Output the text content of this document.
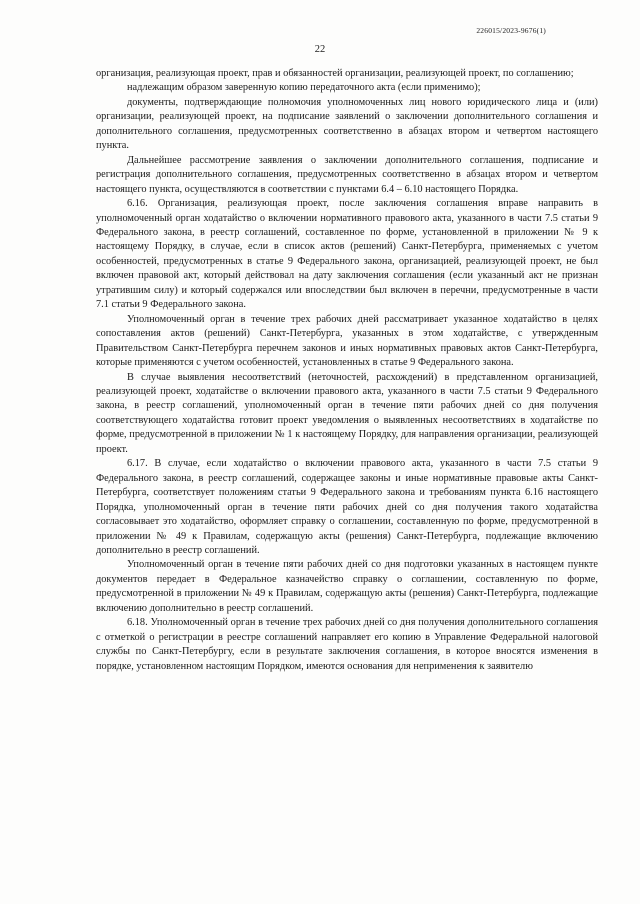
226015/2023-9676(1)
22

организация, реализующая проект, прав и обязанностей организации, реализующей проект, по соглашению;

надлежащим образом заверенную копию передаточного акта (если применимо);

документы, подтверждающие полномочия уполномоченных лиц нового юридического лица и (или) организации, реализующей проект, на подписание заявлений о заключении дополнительного соглашения и дополнительного соглашения, предусмотренных соответственно в абзацах втором и четвертом настоящего пункта.

Дальнейшее рассмотрение заявления о заключении дополнительного соглашения, подписание и регистрация дополнительного соглашения, предусмотренных соответственно в абзацах втором и четвертом настоящего пункта, осуществляются в соответствии с пунктами 6.4 – 6.10 настоящего Порядка.

6.16. Организация, реализующая проект, после заключения соглашения вправе направить в уполномоченный орган ходатайство о включении нормативного правового акта, указанного в части 7.5 статьи 9 Федерального закона, в реестр соглашений, составленное по форме, установленной в приложении № 9 к настоящему Порядку, в случае, если в список актов (решений) Санкт-Петербурга, применяемых с учетом особенностей, предусмотренных в статье 9 Федерального закона, организацией, реализующей проект, не был включен правовой акт, который действовал на дату заключения соглашения (если указанный акт не признан утратившим силу) и который содержался или впоследствии был включен в перечни, предусмотренные в части 7.1 статьи 9 Федерального закона.

Уполномоченный орган в течение трех рабочих дней рассматривает указанное ходатайство в целях сопоставления актов (решений) Санкт-Петербурга, указанных в этом ходатайстве, с утвержденным Правительством Санкт-Петербурга перечнем законов и иных нормативных правовых актов Санкт-Петербурга, которые применяются с учетом особенностей, установленных в статье 9 Федерального закона.

В случае выявления несоответствий (неточностей, расхождений) в представленном организацией, реализующей проект, ходатайстве о включении правового акта, указанного в части 7.5 статьи 9 Федерального закона, в реестр соглашений, уполномоченный орган в течение пяти рабочих дней со дня получения соответствующего ходатайства готовит проект уведомления о выявленных несоответствиях в ходатайстве по форме, предусмотренной в приложении № 1 к настоящему Порядку, для направления организации, реализующей проект.

6.17. В случае, если ходатайство о включении правового акта, указанного в части 7.5 статьи 9 Федерального закона, в реестр соглашений, содержащее законы и иные нормативные правовые акты Санкт-Петербурга, соответствует положениям статьи 9 Федерального закона и требованиям пункта 6.16 настоящего Порядка, уполномоченный орган в течение пяти рабочих дней со дня получения такого ходатайства согласовывает это ходатайство, оформляет справку о соглашении, составленную по форме, предусмотренной в приложении № 49 к Правилам, содержащую акты (решения) Санкт-Петербурга, подлежащие включению дополнительно в реестр соглашений.

Уполномоченный орган в течение пяти рабочих дней со дня подготовки указанных в настоящем пункте документов передает в Федеральное казначейство справку о соглашении, составленную по форме, предусмотренной в приложении № 49 к Правилам, содержащую акты (решения) Санкт-Петербурга, подлежащие включению дополнительно в реестр соглашений.

6.18. Уполномоченный орган в течение трех рабочих дней со дня получения дополнительного соглашения с отметкой о регистрации в реестре соглашений направляет его копию в Управление Федеральной налоговой службы по Санкт-Петербургу, если в результате заключения соглашения, в которое вносятся изменения в порядке, установленном настоящим Порядком, имеются основания для неприменения к заявителю
